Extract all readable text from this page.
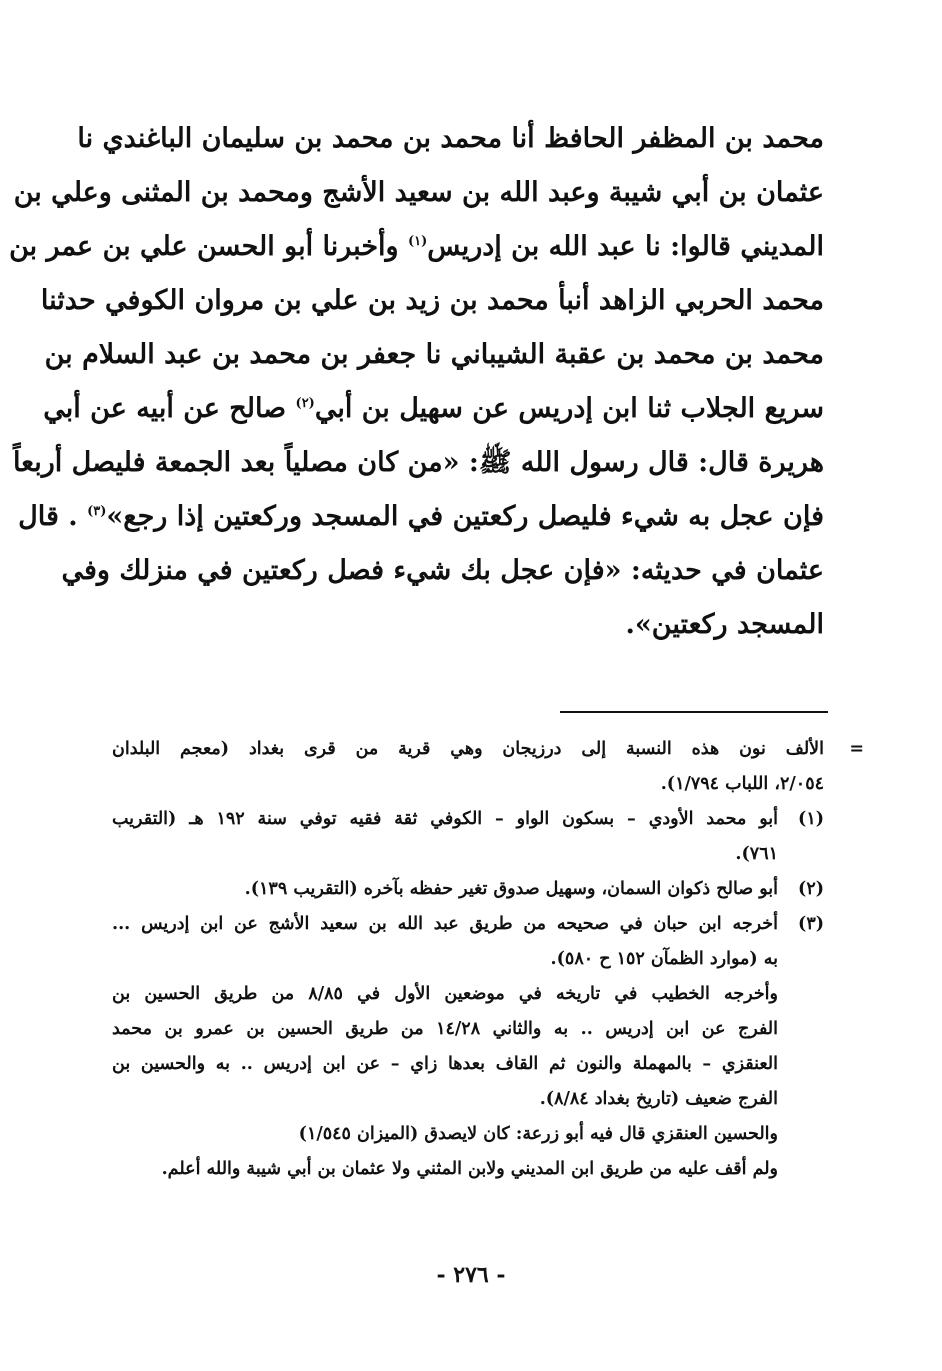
محمد بن المظفر الحافظ أنا محمد بن محمد بن سليمان الباغندي نا
عثمان بن أبي شيبة وعبد الله بن سعيد الأشج ومحمد بن المثنى وعلي بن
المديني قالوا: نا عبد الله بن إدريس$^{(١)}$ وأخبرنا أبو الحسن علي بن عمر بن
محمد الحربي الزاهد أنبأ محمد بن زيد بن علي بن مروان الكوفي حدثنا
محمد بن محمد بن عقبة الشيباني نا جعفر بن محمد بن عبد السلام بن
سريع الجلاب ثنا ابن إدريس عن سهيل بن أبي$^{(٢)}$ صالح عن أبيه عن أبي
هريرة قال: قال رسول الله ﷺ: «من كان مصلياً بعد الجمعة فليصل أربعاً
فإن عجل به شيء فليصل ركعتين في المسجد وركعتين إذا رجع»$^{(٣)}$ . قال
عثمان في حديثه: «فإن عجل بك شيء فصل ركعتين في منزلك وفي
المسجد ركعتين».
=
الألف نون هذه النسبة إلى درزيجان وهي قرية من قرى بغداد (معجم البلدان
٢/٠٥٤، اللباب ١/٧٩٤).
(١)
أبو محمد الأودي – بسكون الواو – الكوفي ثقة فقيه توفي سنة ١٩٢ هـ (التقريب
٧٦١).
(٢)
أبو صالح ذكوان السمان، وسهيل صدوق تغير حفظه بآخره (التقريب ١٣٩).
(٣)
أخرجه ابن حبان في صحيحه من طريق عبد الله بن سعيد الأشج عن ابن إدريس ...
به (موارد الظمآن ١٥٢ ح ٥٨٠).
وأخرجه الخطيب في تاريخه في موضعين الأول في ٨/٨٥ من طريق الحسين بن
الفرج عن ابن إدريس .. به والثاني ١٤/٢٨ من طريق الحسين بن عمرو بن محمد
العنقزي – بالمهملة والنون ثم القاف بعدها زاي – عن ابن إدريس .. به والحسين بن
الفرج ضعيف (تاريخ بغداد ٨/٨٤).
والحسين العنقزي قال فيه أبو زرعة: كان لايصدق (الميزان ١/٥٤٥)
ولم أقف عليه من طريق ابن المديني ولابن المثني ولا عثمان بن أبي شيبة والله أعلم.
- ٢٧٦ -
